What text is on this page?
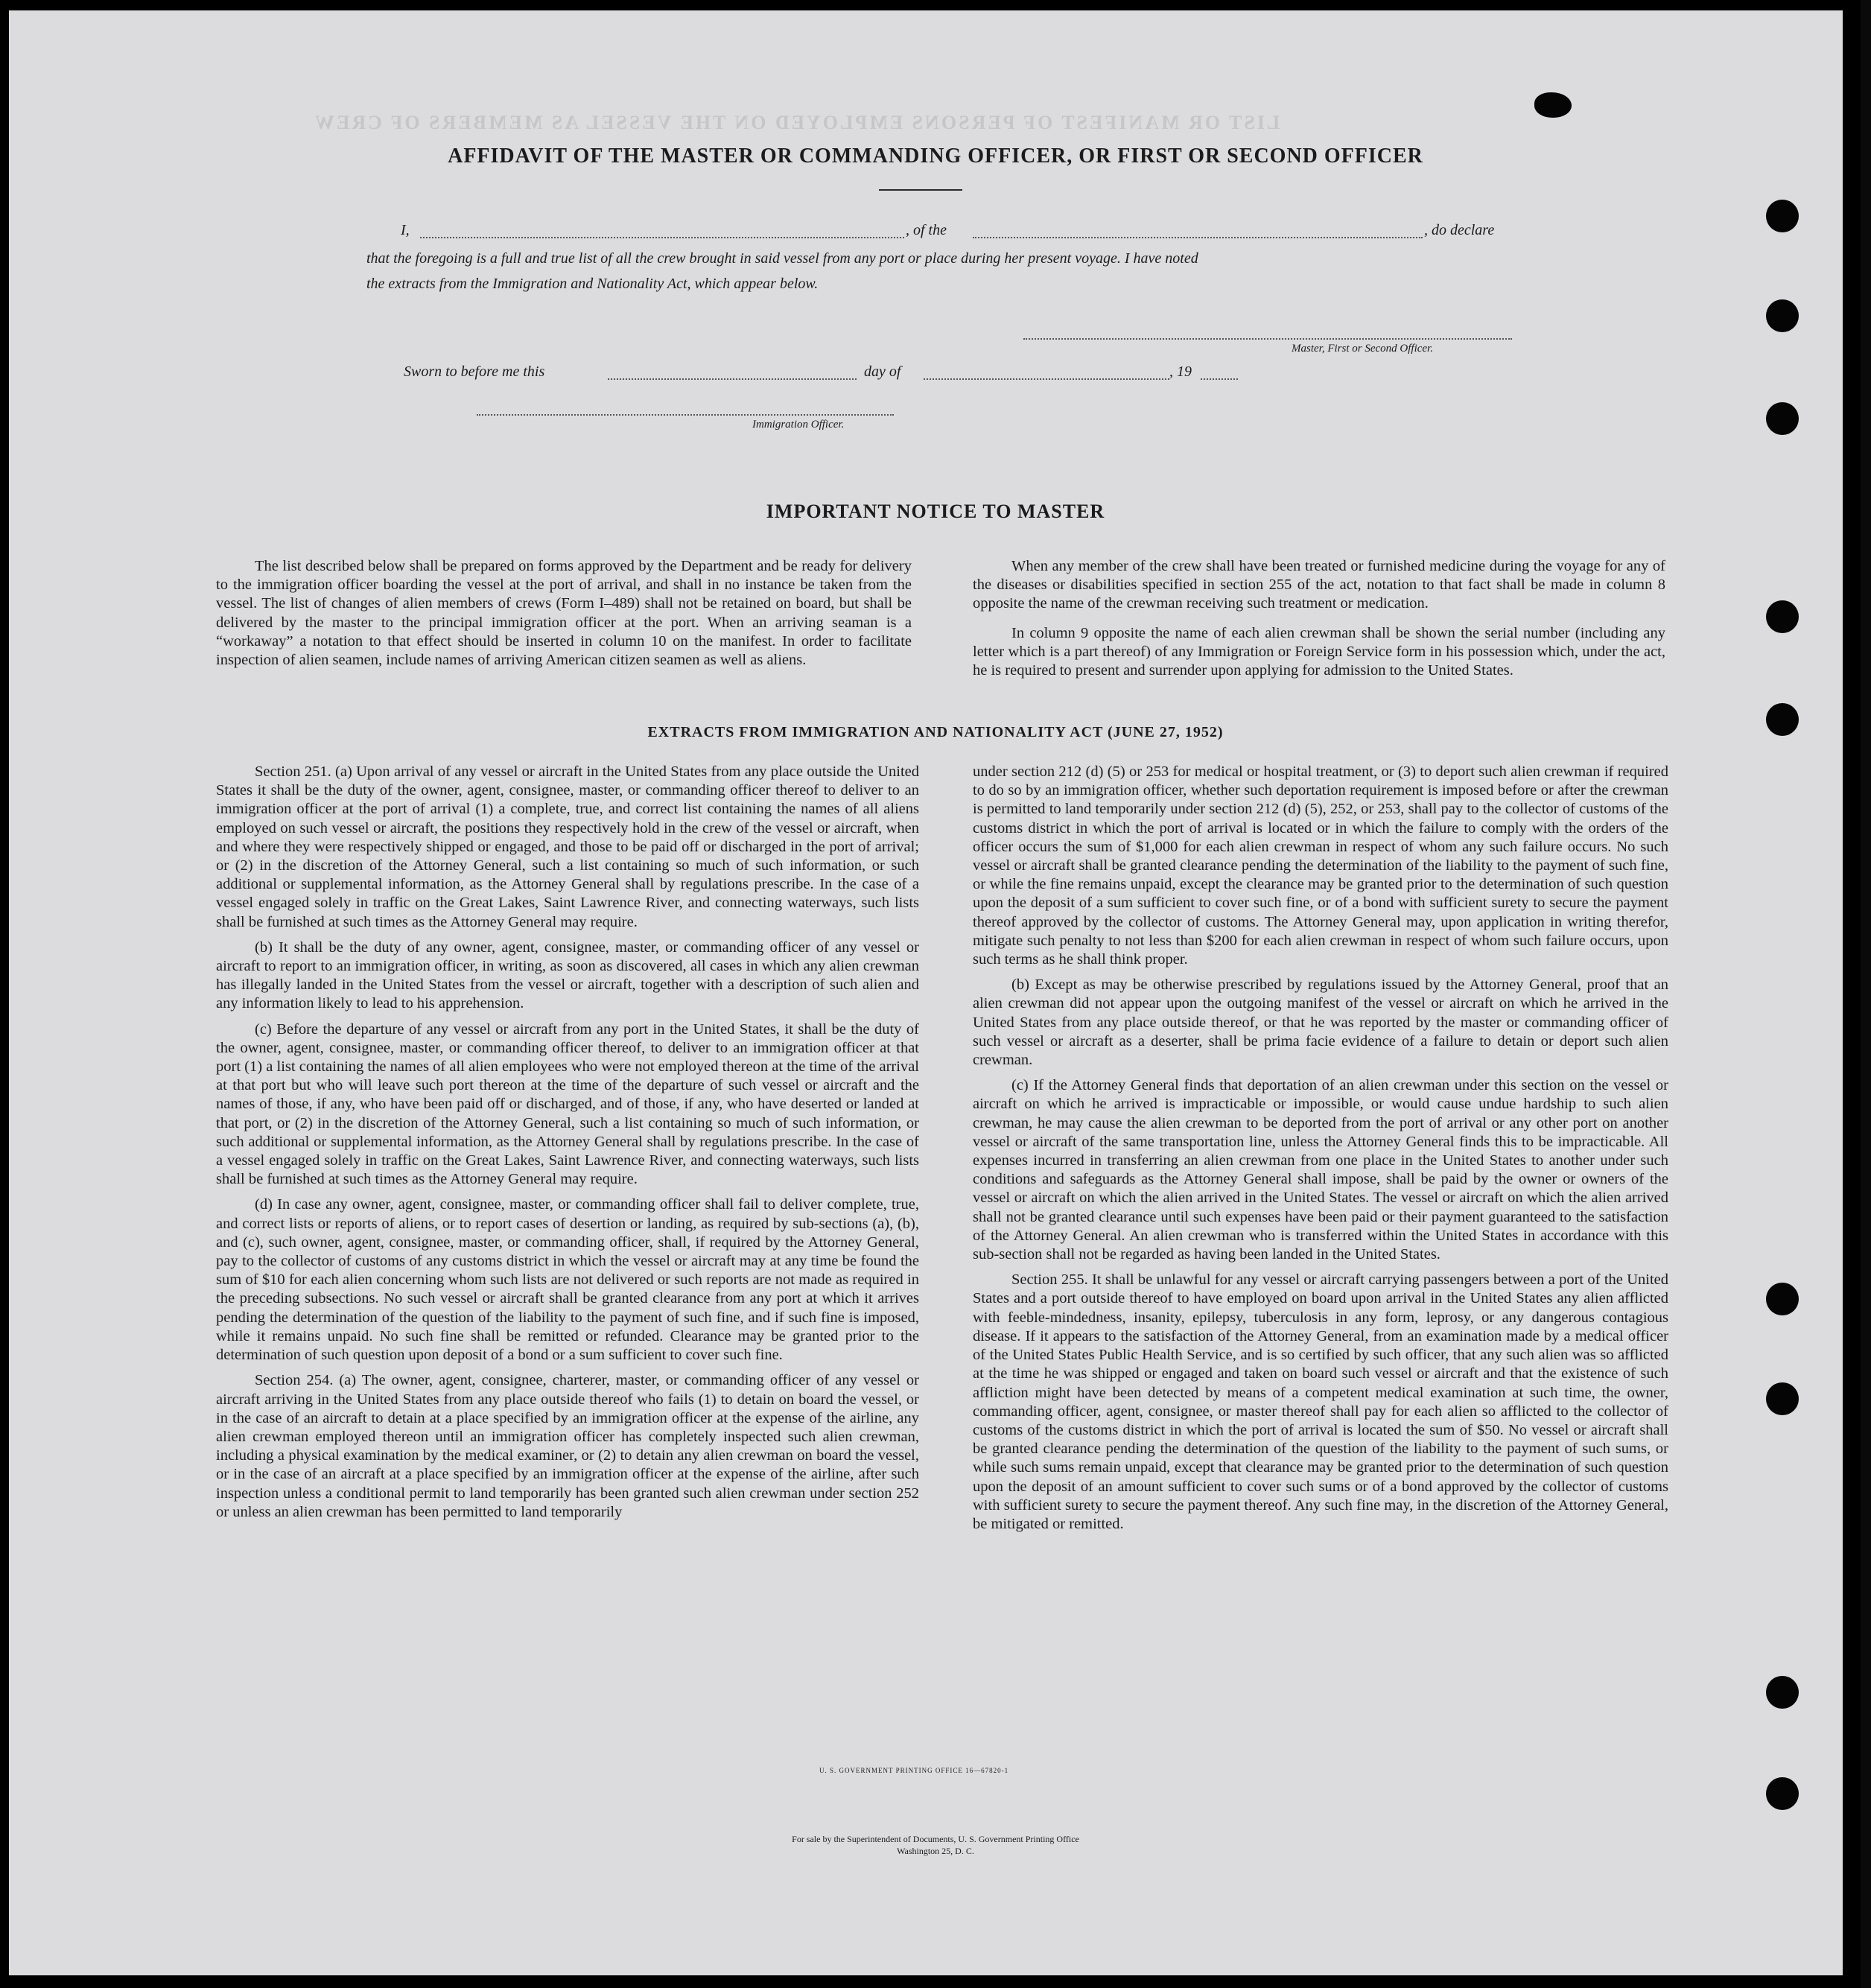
LIST OR MANIFEST OF PERSONS EMPLOYED ON THE VESSEL AS MEMBERS OF CREW
AFFIDAVIT OF THE MASTER OR COMMANDING OFFICER, OR FIRST OR SECOND OFFICER
I,	, of the	, do declare
that the foregoing is a full and true list of all the crew brought in said vessel from any port or place during her present voyage. I have noted
the extracts from the Immigration and Nationality Act, which appear below.
Master, First or Second Officer.
Sworn to before me this	day of	, 19
Immigration Officer.
IMPORTANT NOTICE TO MASTER

The list described below shall be prepared on forms approved by the Department and be ready for delivery to the immigration officer boarding the vessel at the port of arrival, and shall in no instance be taken from the vessel. The list of changes of alien members of crews (Form I–489) shall not be retained on board, but shall be delivered by the master to the principal immigration officer at the port. When an arriving seaman is a “workaway” a notation to that effect should be inserted in column 10 on the manifest. In order to facilitate inspection of alien seamen, include names of arriving American citizen seamen as well as aliens.

When any member of the crew shall have been treated or furnished medicine during the voyage for any of the diseases or disabilities specified in section 255 of the act, notation to that fact shall be made in column 8 opposite the name of the crewman receiving such treatment or medication.

In column 9 opposite the name of each alien crewman shall be shown the serial number (including any letter which is a part thereof) of any Immigration or Foreign Service form in his possession which, under the act, he is required to present and surrender upon applying for admission to the United States.

EXTRACTS FROM IMMIGRATION AND NATIONALITY ACT (JUNE 27, 1952)

Section 251. (a) Upon arrival of any vessel or aircraft in the United States from any place outside the United States it shall be the duty of the owner, agent, consignee, master, or commanding officer thereof to deliver to an immigration officer at the port of arrival (1) a complete, true, and correct list containing the names of all aliens employed on such vessel or aircraft, the positions they respectively hold in the crew of the vessel or aircraft, when and where they were respectively shipped or engaged, and those to be paid off or discharged in the port of arrival; or (2) in the discretion of the Attorney General, such a list containing so much of such information, or such additional or supplemental information, as the Attorney General shall by regulations prescribe. In the case of a vessel engaged solely in traffic on the Great Lakes, Saint Lawrence River, and connecting waterways, such lists shall be furnished at such times as the Attorney General may require.

(b) It shall be the duty of any owner, agent, consignee, master, or commanding officer of any vessel or aircraft to report to an immigration officer, in writing, as soon as discovered, all cases in which any alien crewman has illegally landed in the United States from the vessel or aircraft, together with a description of such alien and any information likely to lead to his apprehension.

(c) Before the departure of any vessel or aircraft from any port in the United States, it shall be the duty of the owner, agent, consignee, master, or commanding officer thereof, to deliver to an immigration officer at that port (1) a list containing the names of all alien employees who were not employed thereon at the time of the arrival at that port but who will leave such port thereon at the time of the departure of such vessel or aircraft and the names of those, if any, who have been paid off or discharged, and of those, if any, who have deserted or landed at that port, or (2) in the discretion of the Attorney General, such a list containing so much of such information, or such additional or supplemental information, as the Attorney General shall by regulations prescribe. In the case of a vessel engaged solely in traffic on the Great Lakes, Saint Lawrence River, and connecting waterways, such lists shall be furnished at such times as the Attorney General may require.

(d) In case any owner, agent, consignee, master, or commanding officer shall fail to deliver complete, true, and correct lists or reports of aliens, or to report cases of desertion or landing, as required by sub-sections (a), (b), and (c), such owner, agent, consignee, master, or commanding officer, shall, if required by the Attorney General, pay to the collector of customs of any customs district in which the vessel or aircraft may at any time be found the sum of $10 for each alien concerning whom such lists are not delivered or such reports are not made as required in the preceding subsections. No such vessel or aircraft shall be granted clearance from any port at which it arrives pending the determination of the question of the liability to the payment of such fine, and if such fine is imposed, while it remains unpaid. No such fine shall be remitted or refunded. Clearance may be granted prior to the determination of such question upon deposit of a bond or a sum sufficient to cover such fine.

Section 254. (a) The owner, agent, consignee, charterer, master, or commanding officer of any vessel or aircraft arriving in the United States from any place outside thereof who fails (1) to detain on board the vessel, or in the case of an aircraft to detain at a place specified by an immigration officer at the expense of the airline, any alien crewman employed thereon until an immigration officer has completely inspected such alien crewman, including a physical examination by the medical examiner, or (2) to detain any alien crewman on board the vessel, or in the case of an aircraft at a place specified by an immigration officer at the expense of the airline, after such inspection unless a conditional permit to land temporarily has been granted such alien crewman under section 252 or unless an alien crewman has been permitted to land temporarily

under section 212 (d) (5) or 253 for medical or hospital treatment, or (3) to deport such alien crewman if required to do so by an immigration officer, whether such deportation requirement is imposed before or after the crewman is permitted to land temporarily under section 212 (d) (5), 252, or 253, shall pay to the collector of customs of the customs district in which the port of arrival is located or in which the failure to comply with the orders of the officer occurs the sum of $1,000 for each alien crewman in respect of whom any such failure occurs. No such vessel or aircraft shall be granted clearance pending the determination of the liability to the payment of such fine, or while the fine remains unpaid, except the clearance may be granted prior to the determination of such question upon the deposit of a sum sufficient to cover such fine, or of a bond with sufficient surety to secure the payment thereof approved by the collector of customs. The Attorney General may, upon application in writing therefor, mitigate such penalty to not less than $200 for each alien crewman in respect of whom such failure occurs, upon such terms as he shall think proper.

(b) Except as may be otherwise prescribed by regulations issued by the Attorney General, proof that an alien crewman did not appear upon the outgoing manifest of the vessel or aircraft on which he arrived in the United States from any place outside thereof, or that he was reported by the master or commanding officer of such vessel or aircraft as a deserter, shall be prima facie evidence of a failure to detain or deport such alien crewman.

(c) If the Attorney General finds that deportation of an alien crewman under this section on the vessel or aircraft on which he arrived is impracticable or impossible, or would cause undue hardship to such alien crewman, he may cause the alien crewman to be deported from the port of arrival or any other port on another vessel or aircraft of the same transportation line, unless the Attorney General finds this to be impracticable. All expenses incurred in transferring an alien crewman from one place in the United States to another under such conditions and safeguards as the Attorney General shall impose, shall be paid by the owner or owners of the vessel or aircraft on which the alien arrived in the United States. The vessel or aircraft on which the alien arrived shall not be granted clearance until such expenses have been paid or their payment guaranteed to the satisfaction of the Attorney General. An alien crewman who is transferred within the United States in accordance with this sub-section shall not be regarded as having been landed in the United States.

Section 255. It shall be unlawful for any vessel or aircraft carrying passengers between a port of the United States and a port outside thereof to have employed on board upon arrival in the United States any alien afflicted with feeble-mindedness, insanity, epilepsy, tuberculosis in any form, leprosy, or any dangerous contagious disease. If it appears to the satisfaction of the Attorney General, from an examination made by a medical officer of the United States Public Health Service, and is so certified by such officer, that any such alien was so afflicted at the time he was shipped or engaged and taken on board such vessel or aircraft and that the existence of such affliction might have been detected by means of a competent medical examination at such time, the owner, commanding officer, agent, consignee, or master thereof shall pay for each alien so afflicted to the collector of customs of the customs district in which the port of arrival is located the sum of $50. No vessel or aircraft shall be granted clearance pending the determination of the question of the liability to the payment of such sums, or while such sums remain unpaid, except that clearance may be granted prior to the determination of such question upon the deposit of an amount sufficient to cover such sums or of a bond approved by the collector of customs with sufficient surety to secure the payment thereof. Any such fine may, in the discretion of the Attorney General, be mitigated or remitted.

U. S. GOVERNMENT PRINTING OFFICE 16—67820-1
For sale by the Superintendent of Documents, U. S. Government Printing Office
Washington 25, D. C.
